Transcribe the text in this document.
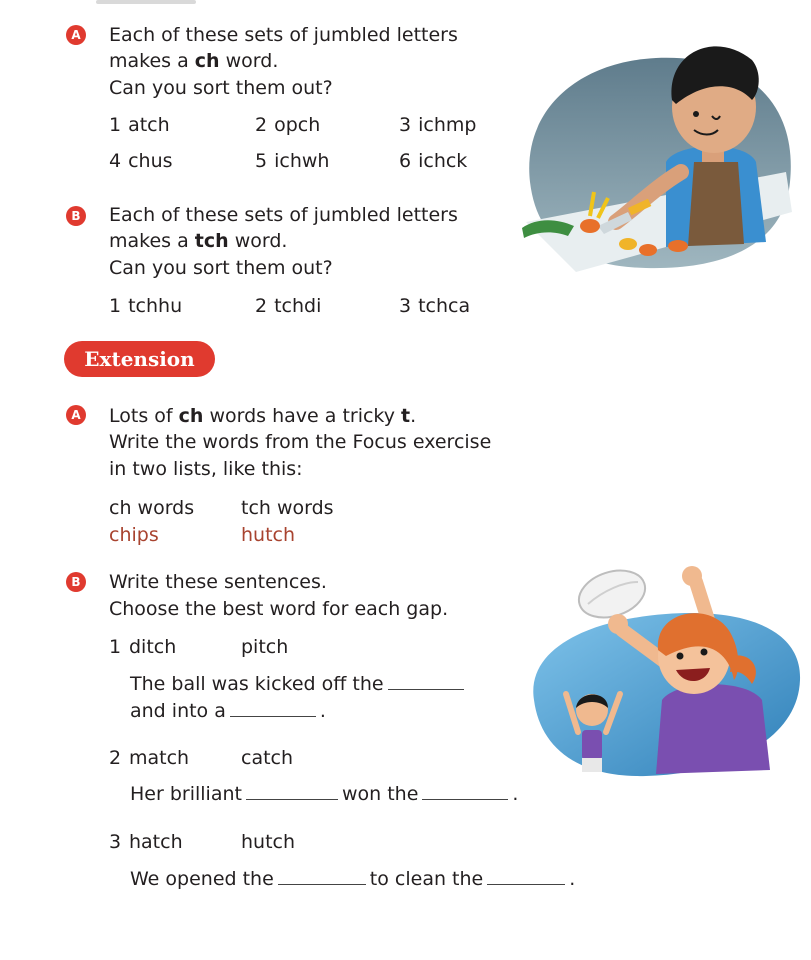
A Each of these sets of jumbled letters
makes a ch word.
Can you sort them out?
1 atch	2 opch	3 ichmp
4 chus	5 ichwh	6 ichck
B Each of these sets of jumbled letters
makes a tch word.
Can you sort them out?
1 tchhu	2 tchdi	3 tchca
Extension
A Lots of ch words have a tricky t.
Write the words from the Focus exercise
in two lists, like this:
ch words tch words
chips	hutch
B Write these sentences.
Choose the best word for each gap.
1 ditch	pitch
The ball was kicked off the
and into a	.
2 match	catch
Her brilliant	won the	.
3 hatch	hutch
We opened the	to clean the	.
